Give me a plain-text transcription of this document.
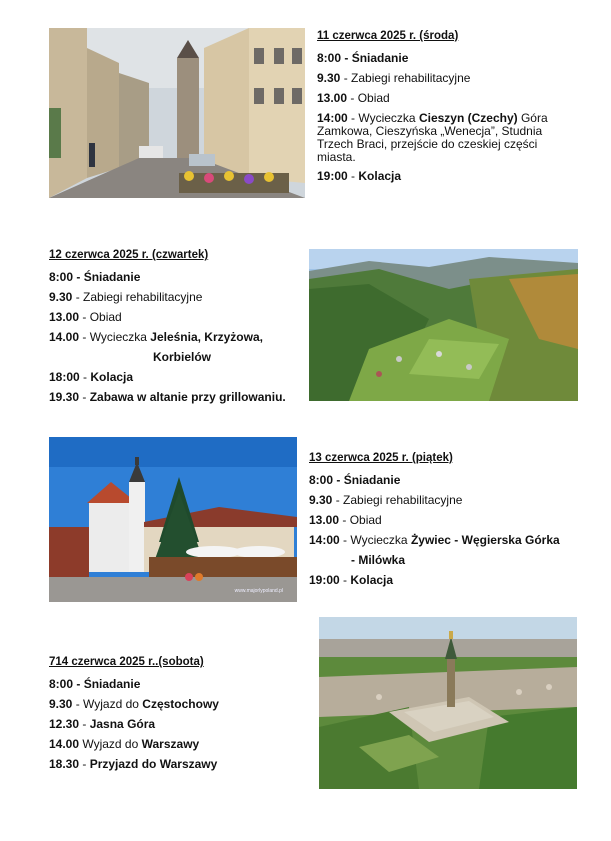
11 czerwca 2025 r. (środa)
8:00 - Śniadanie
9.30 - Zabiegi rehabilitacyjne
13.00 - Obiad
14:00 - Wycieczka Cieszyn (Czechy) Góra Zamkowa, Cieszyńska „Wenecja”, Studnia Trzech Braci, przejście do czeskiej części miasta.
19:00 - Kolacja
12 czerwca 2025 r. (czwartek)
8:00 - Śniadanie
9.30 - Zabiegi rehabilitacyjne
13.00 - Obiad
14.00 - Wycieczka Jeleśnia, Krzyżowa,
Korbielów
18:00 - Kolacja
19.30 - Zabawa w altanie przy grillowaniu.
www.majorlypoland.pl
13 czerwca 2025 r. (piątek)
8:00 - Śniadanie
9.30 - Zabiegi rehabilitacyjne
13.00 - Obiad
14:00 - Wycieczka Żywiec - Węgierska Górka
- Milówka
19:00 - Kolacja
714 czerwca 2025 r..(sobota)
8:00 - Śniadanie
9.30 - Wyjazd do Częstochowy
12.30 - Jasna Góra
14.00 Wyjazd do Warszawy
18.30 - Przyjazd do Warszawy
